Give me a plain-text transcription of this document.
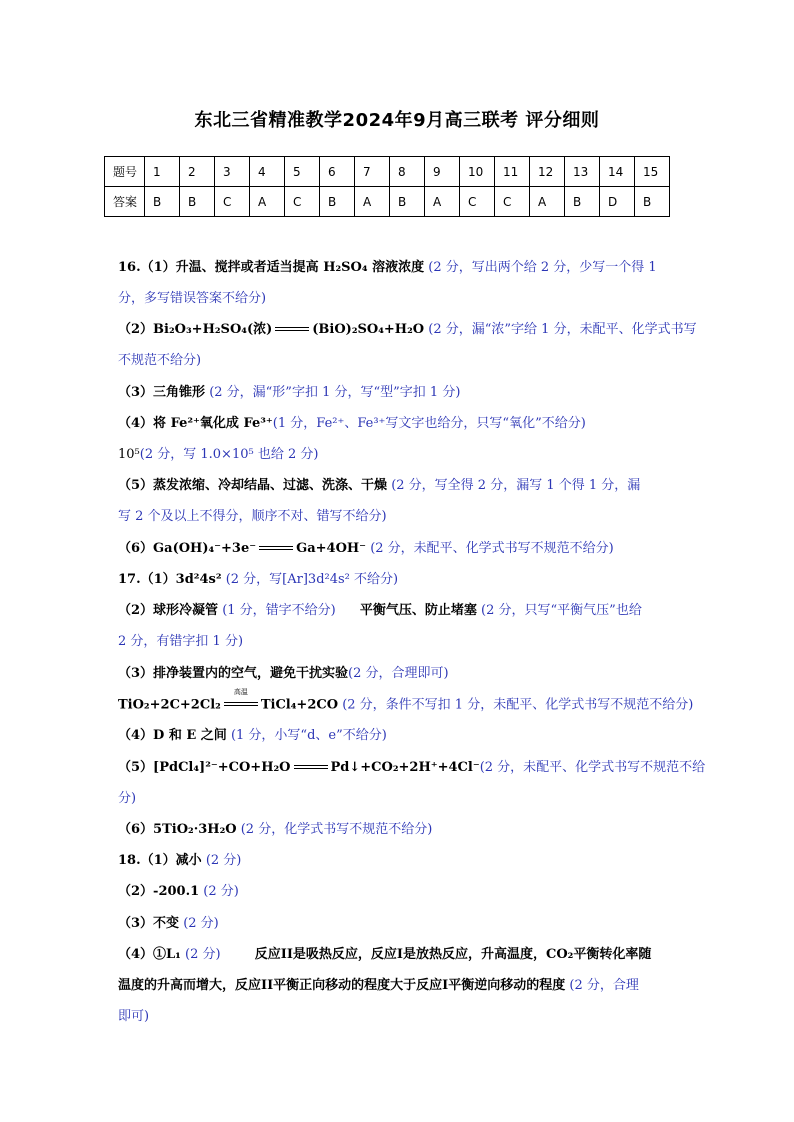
东北三省精准教学2024年9月高三联考 评分细则
题号	1	2	3	4	5	6	7	8	9	10	11	12	13	14	15
答案	B	B	C	A	C	B	A	B	A	C	C	A	B	D	B
16.（1）升温、搅拌或者适当提高 H₂SO₄ 溶液浓度 (2 分，写出两个给 2 分，少写一个得 1
分，多写错误答案不给分)
（2）Bi₂O₃+H₂SO₄(浓)	(BiO)₂SO₄+H₂O (2 分，漏“浓”字给 1 分，未配平、化学式书写
不规范不给分)
（3）三角锥形 (2 分，漏“形”字扣 1 分，写“型”字扣 1 分)
（4）将 Fe²⁺氧化成 Fe³⁺(1 分，Fe²⁺、Fe³⁺写文字也给分，只写“氧化”不给分)
10⁵(2 分，写 1.0×10⁵ 也给 2 分)
（5）蒸发浓缩、冷却结晶、过滤、洗涤、干燥 (2 分，写全得 2 分，漏写 1 个得 1 分，漏
写 2 个及以上不得分，顺序不对、错写不给分)
（6）Ga(OH)₄⁻+3e⁻	Ga+4OH⁻ (2 分，未配平、化学式书写不规范不给分)
17.（1）3d²4s² (2 分，写[Ar]3d²4s² 不给分)
（2）球形冷凝管 (1 分，错字不给分) 平衡气压、防止堵塞 (2 分，只写“平衡气压”也给
2 分，有错字扣 1 分)
（3）排净装置内的空气，避免干扰实验(2 分，合理即可)
TiO₂+2C+2Cl₂
高温
TiCl₄+2CO (2 分，条件不写扣 1 分，未配平、化学式书写不规范不给分)
（4）D 和 E 之间 (1 分，小写“d、e”不给分)
（5）[PdCl₄]²⁻+CO+H₂O	Pd↓+CO₂+2H⁺+4Cl⁻(2 分，未配平、化学式书写不规范不给
分)
（6）5TiO₂·3H₂O (2 分，化学式书写不规范不给分)
18.（1）减小 (2 分)
（2）-200.1 (2 分)
（3）不变 (2 分)
（4）①L₁ (2 分)	反应II是吸热反应，反应I是放热反应，升高温度，CO₂平衡转化率随
温度的升高而增大，反应II平衡正向移动的程度大于反应I平衡逆向移动的程度 (2 分，合理
即可)
